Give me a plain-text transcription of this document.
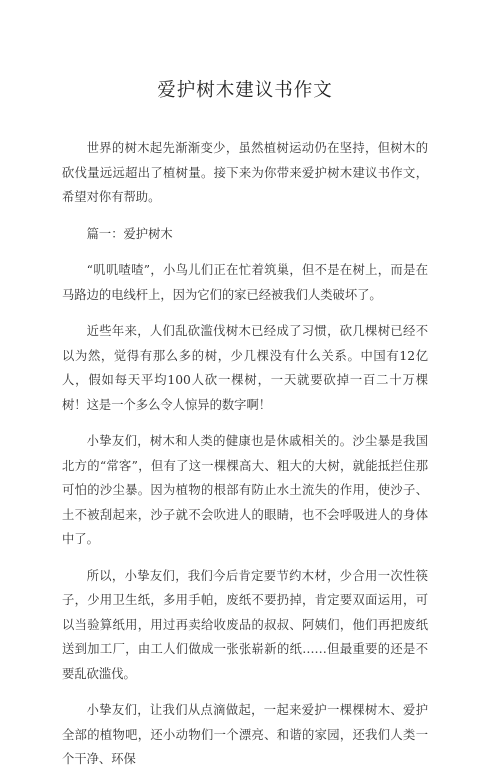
爱护树木建议书作文

世界的树木起先渐渐变少，虽然植树运动仍在坚持，但树木的砍伐量远远超出了植树量。接下来为你带来爱护树木建议书作文，希望对你有帮助。

篇一：爱护树木

“叽叽喳喳”，小鸟儿们正在忙着筑巢，但不是在树上，而是在马路边的电线杆上，因为它们的家已经被我们人类破坏了。

近些年来，人们乱砍滥伐树木已经成了习惯，砍几棵树已经不以为然，觉得有那么多的树，少几棵没有什么关系。中国有12亿人，假如每天平均100人砍一棵树，一天就要砍掉一百二十万棵树！这是一个多么令人惊异的数字啊！

小挚友们，树木和人类的健康也是休戚相关的。沙尘暴是我国北方的“常客”，但有了这一棵棵高大、粗大的大树，就能抵拦住那可怕的沙尘暴。因为植物的根部有防止水土流失的作用，使沙子、土不被刮起来，沙子就不会吹进人的眼睛，也不会呼吸进人的身体中了。

所以，小挚友们，我们今后肯定要节约木材，少合用一次性筷子，少用卫生纸，多用手帕，废纸不要扔掉，肯定要双面运用，可以当验算纸用，用过再卖给收废品的叔叔、阿姨们，他们再把废纸送到加工厂，由工人们做成一张张崭新的纸……但最重要的还是不要乱砍滥伐。

小挚友们，让我们从点滴做起，一起来爱护一棵棵树木、爱护全部的植物吧，还小动物们一个漂亮、和谐的家园，还我们人类一个干净、环保
